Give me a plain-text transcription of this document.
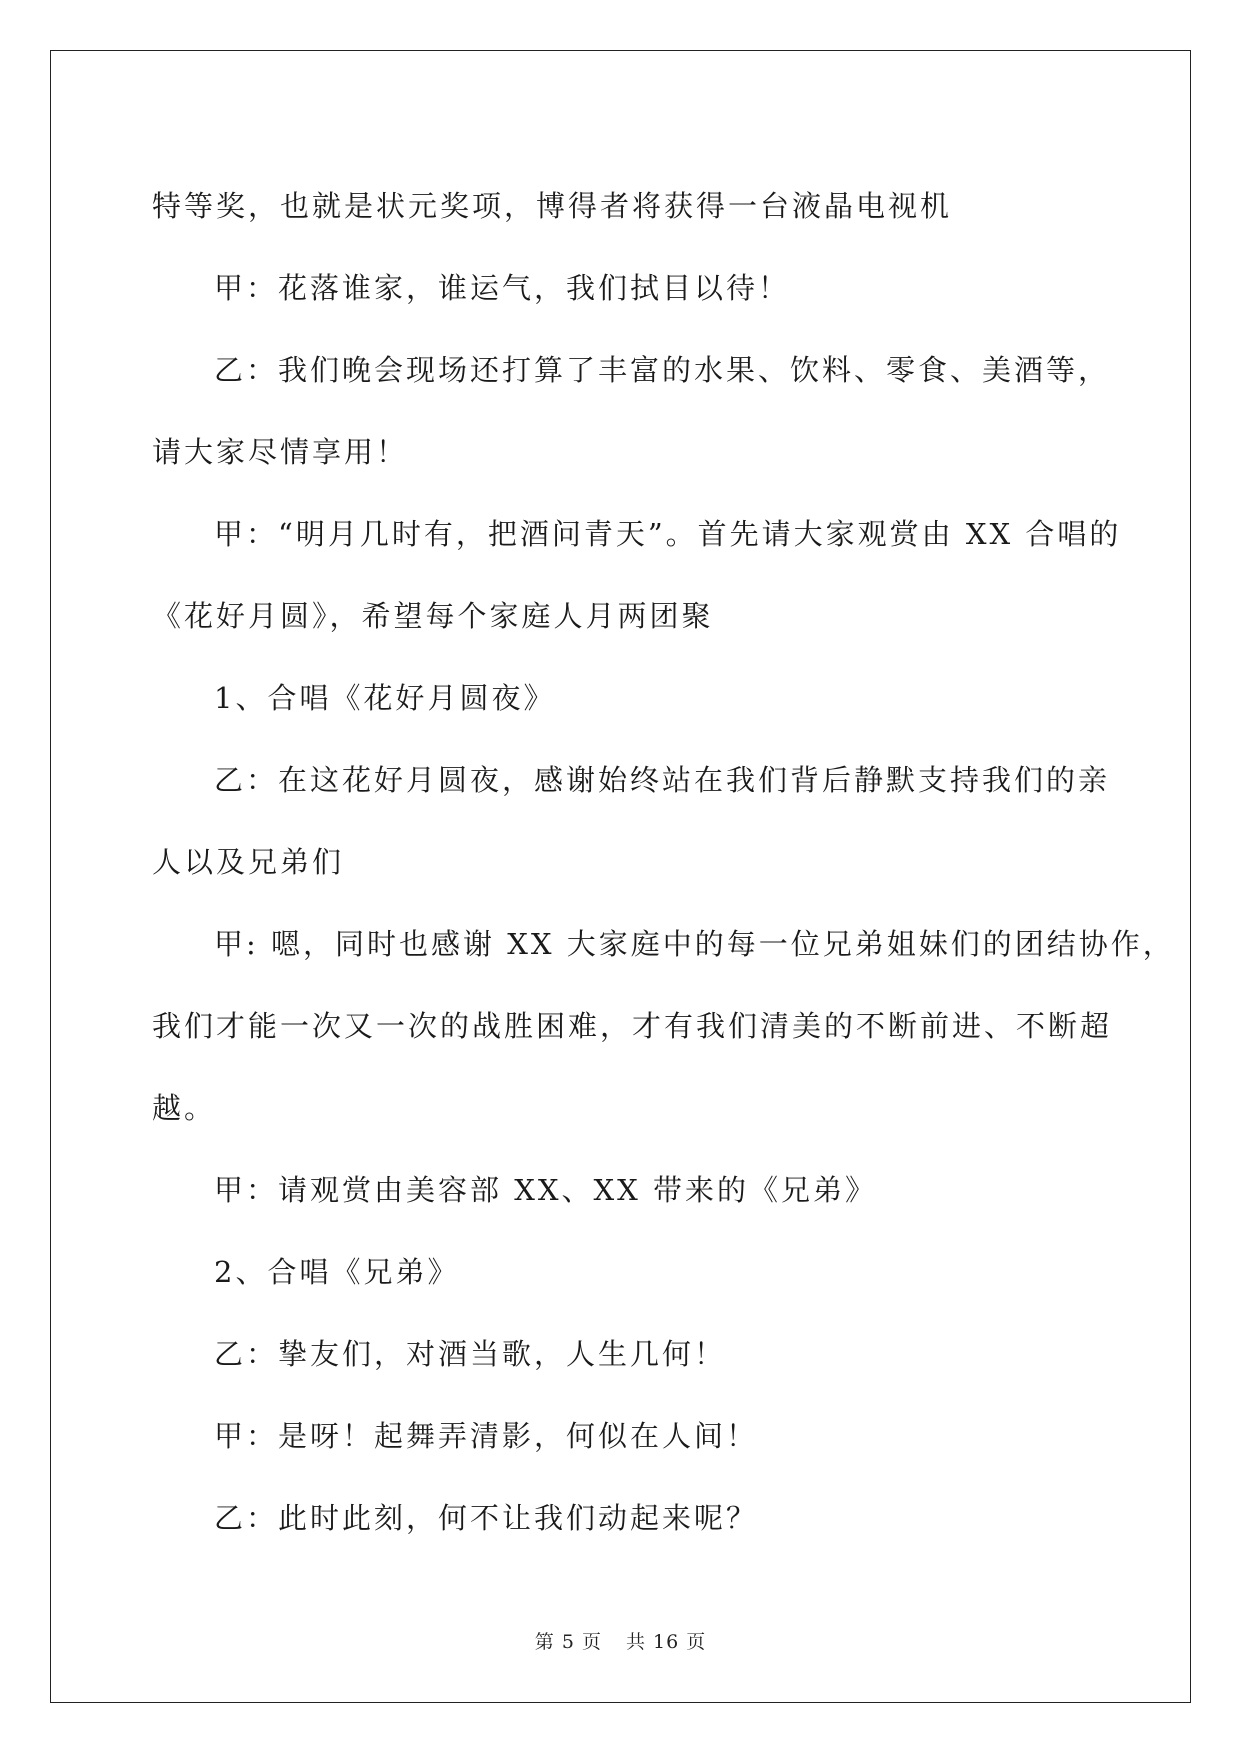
特等奖，也就是状元奖项，博得者将获得一台液晶电视机
甲：花落谁家，谁运气，我们拭目以待！
乙：我们晚会现场还打算了丰富的水果、饮料、零食、美酒等，
请大家尽情享用！
甲：“明月几时有，把酒问青天”。首先请大家观赏由 XX 合唱的
《花好月圆》，希望每个家庭人月两团聚
1、合唱《花好月圆夜》
乙：在这花好月圆夜，感谢始终站在我们背后静默支持我们的亲
人以及兄弟们
甲: 嗯，同时也感谢 XX 大家庭中的每一位兄弟姐妹们的团结协作，
我们才能一次又一次的战胜困难，才有我们清美的不断前进、不断超
越。
甲：请观赏由美容部 XX、XX 带来的《兄弟》
2、合唱《兄弟》
乙：挚友们，对酒当歌，人生几何！
甲：是呀！起舞弄清影，何似在人间！
乙：此时此刻，何不让我们动起来呢？
第 5 页 共 16 页
